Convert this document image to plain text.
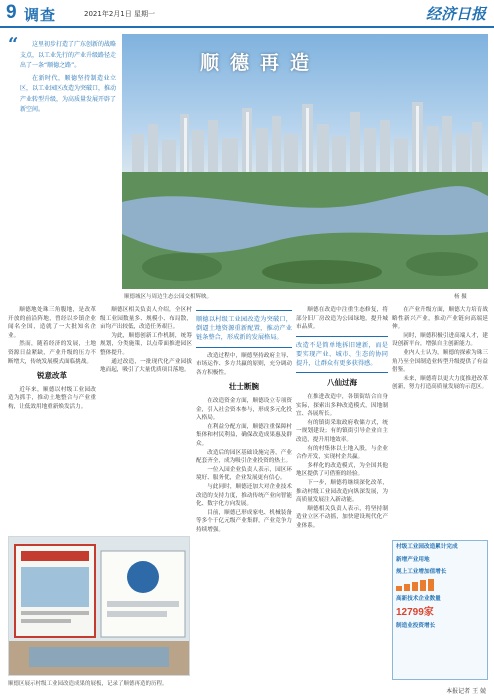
9 调查	2021年2月1日 星期一	经济日报
“	这里初步打造了广东创新的战略支点，以工业先行的产业升级路径走出了一条“顺德之路”。

在新时代，顺德坚持制造业立区，以工业园区改造为突破口，推动产业转型升级，为高质量发展开辟了新空间。

顺德再造
顺德城区与周边生态公园交相辉映。	杨 摄

顺德地处珠三角腹地，是改革开放的前沿阵地，曾经以乡镇企业闻名全国，造就了一大批知名企业。

然而，随着经济的发展，土地资源日益紧缺，产业升级的压力不断增大，传统发展模式面临挑战。

锐意改革

近年来，顺德以村级工业园改造为抓手，推动土地整合与产业重构，让低效用地重新焕发活力。

顺德区相关负责人介绍，全区村级工业园数量多、规模小、布局散，亩均产出较低，改造任务艰巨。

为此，顺德创新工作机制，统筹规划，分类施策，以点带面推进园区整体提升。

通过改造，一批现代化产业园拔地而起，吸引了大量优质项目落地。

顺德以村级工业园改造为突破口，倒逼土地资源重新配置，推动产业链条整合，形成新的发展格局。

改造过程中，顺德坚持政府主导、市场运作、多方共赢的原则，充分调动各方积极性。

壮士断腕

在改造资金方面，顺德设立专项资金，引入社会资本参与，形成多元化投入格局。

在利益分配方面，顺德注重保障村集体和村民利益，确保改造成果惠及群众。

改造后的园区基础设施完善，产业配套齐全，成为吸引企业投资的热土。

一位入园企业负责人表示，园区环境好、服务优，企业发展更有信心。

与此同时，顺德还加大对企业技术改造的支持力度，推动传统产业向智能化、数字化方向发展。

目前，顺德已形成家电、机械装备等多个千亿元级产业集群，产业竞争力持续增强。

顺德在改造中注重生态修复，将部分旧厂房改造为公园绿地，提升城市品质。

改造不是简单地拆旧建新，而是要实现产业、城市、生态的协同提升，让群众有更多获得感。
八仙过海

在推进改造中，各镇街结合自身实际，探索出多种改造模式，因地制宜、各展所长。

有的镇街采取政府收储方式，统一规划建设；有的镇街引导企业自主改造，提升用地效率。

有的村集体以土地入股，与企业合作开发，实现村企共赢。

多样化的改造模式，为全国其他地区提供了可借鉴的经验。

下一步，顺德将继续深化改革，推动村级工业园改造向纵深发展，为高质量发展注入新动能。

顺德相关负责人表示，将坚持制造业立区不动摇，加快建设现代化产业体系。

在产业升级方面，顺德大力培育战略性新兴产业，推动产业链向高端延伸。

同时，顺德积极引进高端人才，建设创新平台，增强自主创新能力。

业内人士认为，顺德的探索为珠三角乃至全国制造业转型升级提供了有益借鉴。

未来，顺德将以更大力度推进改革创新，努力打造高质量发展的示范区。

顺德区展示村级工业园改造成果的展板，记录了顺德再造的历程。
村级工业园改造累计完成
新增产业用地
规上工业增加值增长
高新技术企业数量
12799家
制造业投资增长
本报记者 王 兢
